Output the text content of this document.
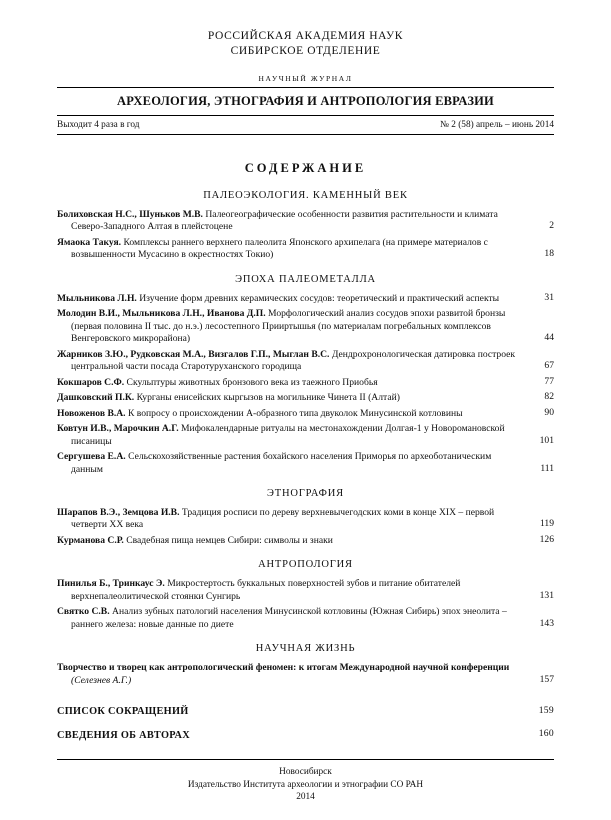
РОССИЙСКАЯ АКАДЕМИЯ НАУК
СИБИРСКОЕ ОТДЕЛЕНИЕ
НАУЧНЫЙ ЖУРНАЛ
АРХЕОЛОГИЯ, ЭТНОГРАФИЯ И АНТРОПОЛОГИЯ ЕВРАЗИИ
Выходит 4 раза в год	№ 2 (58) апрель – июнь 2014
СОДЕРЖАНИЕ
ПАЛЕОЭКОЛОГИЯ. КАМЕННЫЙ ВЕК
Болиховская Н.С., Шуньков М.В. Палеогеографические особенности развития растительности и климата Северо-Западного Алтая в плейстоцене	2
Ямаока Такуя. Комплексы раннего верхнего палеолита Японского архипелага (на примере материалов с возвышенности Мусасино в окрестностях Токио)	18
ЭПОХА ПАЛЕОМЕТАЛЛА
Мыльникова Л.Н. Изучение форм древних керамических сосудов: теоретический и практический аспекты	31
Молодин В.И., Мыльникова Л.Н., Иванова Д.П. Морфологический анализ сосудов эпохи развитой бронзы (первая половина II тыс. до н.э.) лесостепного Прииртышья (по материалам погребальных комплексов Венгеровского микрорайона)	44
Жарников З.Ю., Рудковская М.А., Визгалов Г.П., Мыглан В.С. Дендрохронологическая датировка построек центральной части посада Старотуруханского городища	67
Кокшаров С.Ф. Скульптуры животных бронзового века из таежного Приобья	77
Дашковский П.К. Курганы енисейских кыргызов на могильнике Чинета II (Алтай)	82
Новоженов В.А. К вопросу о происхождении А-образного типа двуколок Минусинской котловины	90
Ковтун И.В., Марочкин А.Г. Мифокалендарные ритуалы на местонахождении Долгая-1 у Новоромановской писаницы	101
Сергушева Е.А. Сельскохозяйственные растения бохайского населения Приморья по археоботаническим данным	111
ЭТНОГРАФИЯ
Шарапов В.Э., Земцова И.В. Традиция росписи по дереву верхневычегодских коми в конце XIX – первой четверти XX века	119
Курманова С.Р. Свадебная пища немцев Сибири: символы и знаки	126
АНТРОПОЛОГИЯ
Пинилья Б., Тринкаус Э. Микростертость буккальных поверхностей зубов и питание обитателей верхнепалеолитической стоянки Сунгирь	131
Святко С.В. Анализ зубных патологий населения Минусинской котловины (Южная Сибирь) эпох энеолита – раннего железа: новые данные по диете	143
НАУЧНАЯ ЖИЗНЬ
Творчество и творец как антропологический феномен: к итогам Международной научной конференции (Селезнев А.Г.)	157
СПИСОК СОКРАЩЕНИЙ	159
СВЕДЕНИЯ ОБ АВТОРАХ	160
Новосибирск
Издательство Института археологии и этнографии СО РАН
2014
